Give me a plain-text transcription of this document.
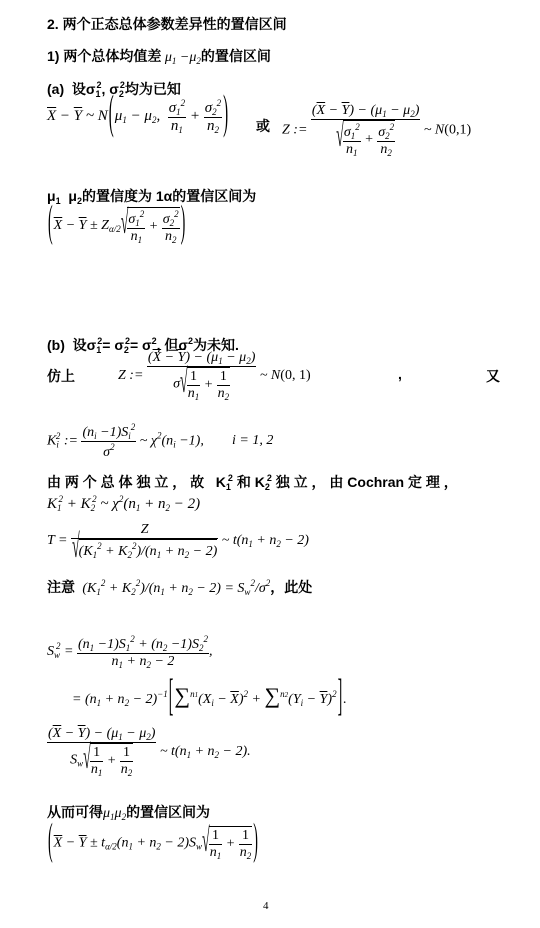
2. 两个正态总体参数差异性的置信区间
1) 两个总体均值差 $\mu_1 -\mu_2$的置信区间
(a)  设$\sigma_1^2$, $\sigma_2^2$均为已知
$\overline{X} - \overline{Y}$ ~ $N(\mu_1 - \mu_2$, $\frac{\sigma_1^2}{n_1} + \frac{\sigma_2^2}{n_2}$ ) 或 Z := $\frac{(\overline{X} - \overline{Y}) - (\mu_1 - \mu_2)}{√ \frac{\sigma_1^2}{n_1} + \frac{\sigma_2^2}{n_2}}$ ~ N(0,1)
$\mu_1$  $\mu_2$的置信度为 1α的置信区间为
($\overline{X} - \overline{Y} \pm Z_{\alpha/2}√ \frac{\sigma_1^2}{n_1} + \frac{\sigma_2^2}{n_2}$ )
(b)  设$\sigma_1^2= \sigma_2^2= \sigma^2$, 但$\sigma^2$为未知.
仿上	Z := $\frac{(\overline{X} - \overline{Y}) - (\mu_1 - \mu_2)}{\sigma√ \frac{1}{n_1} + \frac{1}{n_2}}$ ~ N(0, 1)	,	又
$K_i^2$ := $\frac{(n_i -1)S_i^2}{\sigma^2}$ ~ $\chi^2(n_i -1)$, i = 1, 2
由 两 个 总 体 独 立 ， 故   $K_1^2$ 和 $K_2^2$ 独 立 ， 由 Cochran 定 理 ，
$K_1^2 + K_2^2$ ~ $\chi^2(n_1 + n_2 - 2)$
$T = \frac{Z}{√(K_1^2 + K_2^2)/(n_1 + n_2 - 2)}$ ~ $t(n_1 + n_2 - 2)$
注意  $(K_1^2 + K_2^2)/(n_1 + n_2 - 2) = S_w^2/\sigma^2$，此处
$S_w^2 = \frac{(n_1 -1)S_1^2 + (n_2 -1)S_2^2}{n_1 + n_2 - 2}$ ,
= $(n_1 + n_2 - 2)^{-1}[\sum^{n1}(X_i - \overline{X})^2 + \sum^{n2}(Y_i - \overline{Y})^2]$.
$\frac{(\overline{X} - \overline{Y}) - (\mu_1 - \mu_2)}{S_w√ \frac{1}{n_1} + \frac{1}{n_2}}$ ~ $t(n_1 + n_2 - 2)$.
从而可得$\mu_1\mu_2$的置信区间为
($\overline{X} - \overline{Y} \pm t_{\alpha/2}(n_1 + n_2 - 2)S_w√ \frac{1}{n_1} + \frac{1}{n_2}$ )
4
